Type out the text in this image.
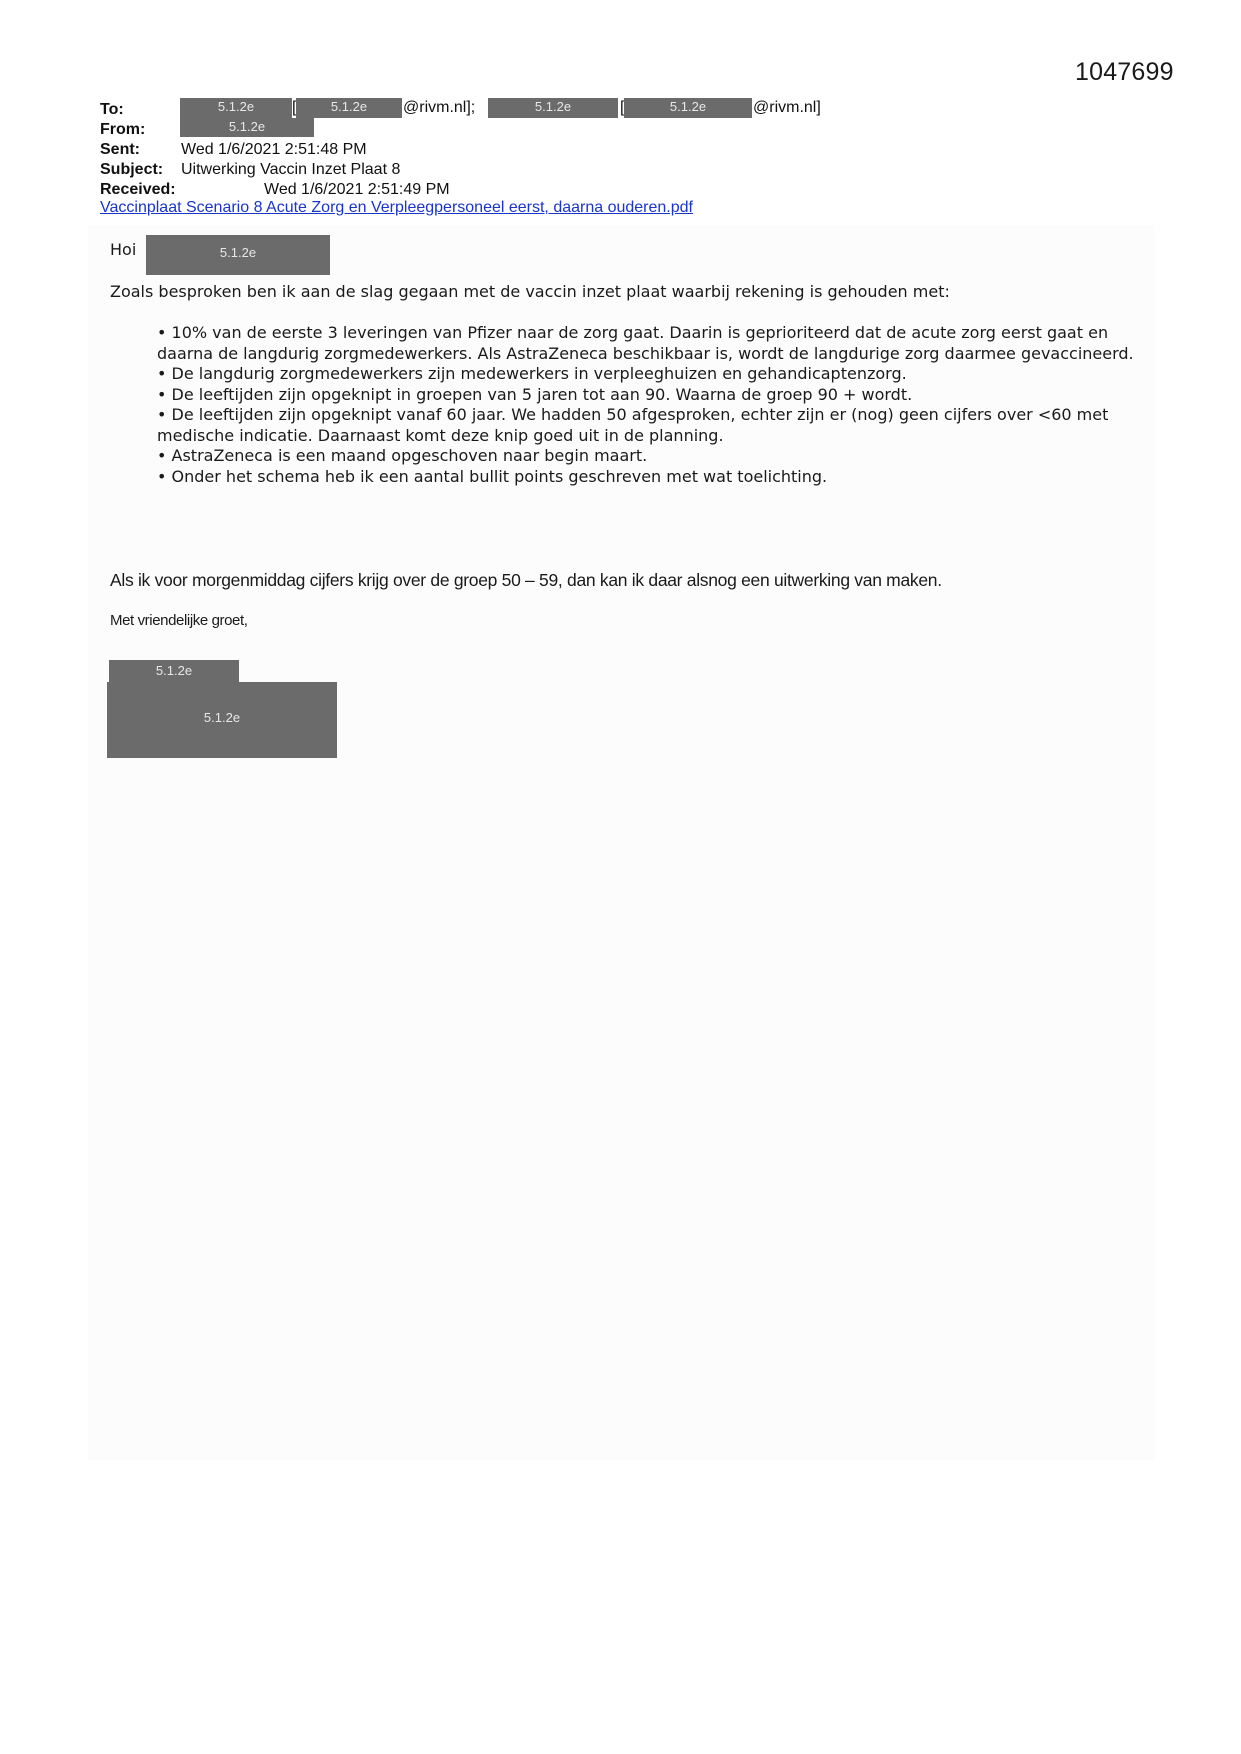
1047699
To:	5.1.2e	[	5.1.2e	@rivm.nl];	5.1.2e	[	5.1.2e	@rivm.nl]
From:	5.1.2e
Sent:	Wed 1/6/2021 2:51:48 PM
Subject: Uitwerking Vaccin Inzet Plaat 8
Received:	Wed 1/6/2021 2:51:49 PM
Vaccinplaat Scenario 8 Acute Zorg en Verpleegpersoneel eerst, daarna ouderen.pdf
Hoi	5.1.2e
Zoals besproken ben ik aan de slag gegaan met de vaccin inzet plaat waarbij rekening is gehouden met:

• 10% van de eerste 3 leveringen van Pfizer naar de zorg gaat. Daarin is geprioriteerd dat de acute zorg eerst gaat en daarna de langdurig zorgmedewerkers. Als AstraZeneca beschikbaar is, wordt de langdurige zorg daarmee gevaccineerd.

• De langdurig zorgmedewerkers zijn medewerkers in verpleeghuizen en gehandicaptenzorg.

• De leeftijden zijn opgeknipt in groepen van 5 jaren tot aan 90. Waarna de groep 90 + wordt.

• De leeftijden zijn opgeknipt vanaf 60 jaar. We hadden 50 afgesproken, echter zijn er (nog) geen cijfers over <60 met medische indicatie. Daarnaast komt deze knip goed uit in de planning.

• AstraZeneca is een maand opgeschoven naar begin maart.

• Onder het schema heb ik een aantal bullit points geschreven met wat toelichting.

Als ik voor morgenmiddag cijfers krijg over de groep 50 – 59, dan kan ik daar alsnog een uitwerking van maken.
Met vriendelijke groet,
5.1.2e
5.1.2e
